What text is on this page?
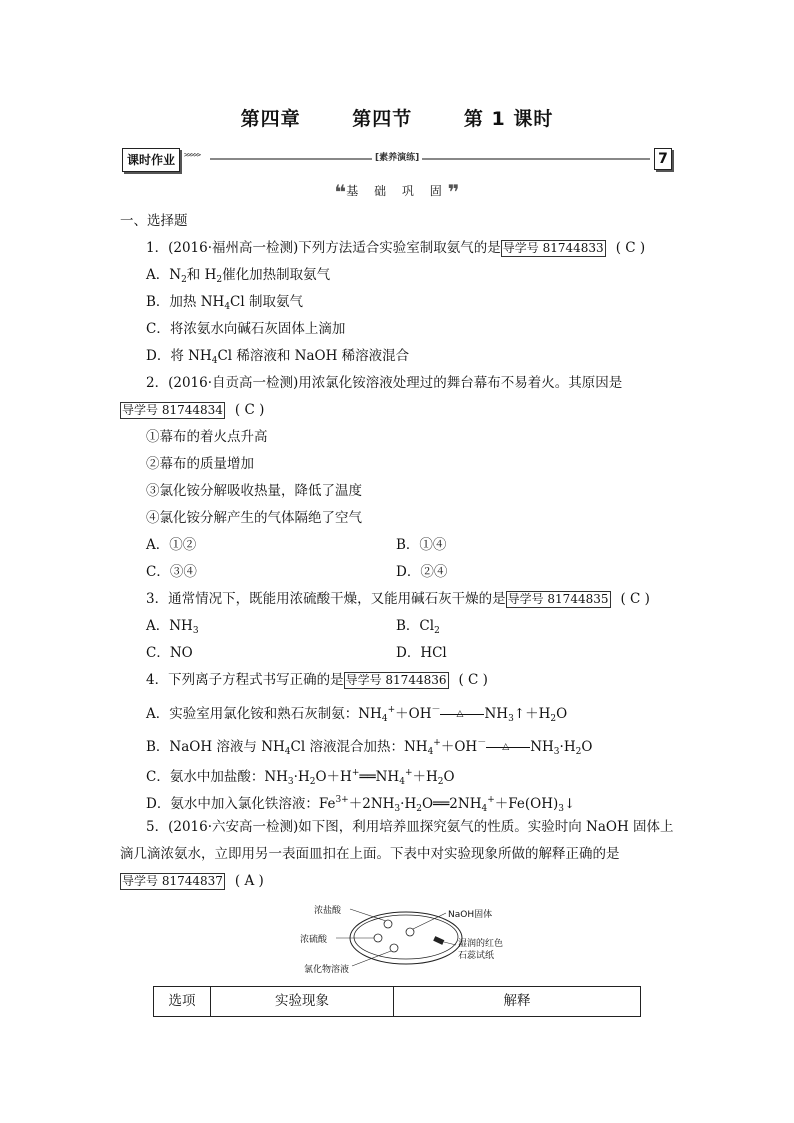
第四章	第四节	第 1 课时
课时作业	>>>>>	[素养演练]	7
❝基 础 巩 固❞
一、选择题
1．(2016·福州高一检测)下列方法适合实验室制取氨气的是 导学号 81744833 ( C )
A．$N_2$和 $H_2$催化加热制取氨气
B．加热 $NH_4Cl$ 制取氨气
C．将浓氨水向碱石灰固体上滴加
D．将 $NH_4Cl$ 稀溶液和 NaOH 稀溶液混合
2．(2016·自贡高一检测)用浓氯化铵溶液处理过的舞台幕布不易着火。其原因是
导学号 81744834 ( C )
①幕布的着火点升高
②幕布的质量增加
③氯化铵分解吸收热量，降低了温度
④氯化铵分解产生的气体隔绝了空气
A．①②	B．①④
C．③④	D．②④
3．通常情况下，既能用浓硫酸干燥，又能用碱石灰干燥的是 导学号 81744835 ( C )
A．$NH_3$	B．$Cl_2$
C．NO	D．HCl
4．下列离子方程式书写正确的是 导学号 81744836 ( C )
A．实验室用氯化铵和熟石灰制氨：$NH_4^++OH^-$	$NH_3↑+H_2O$
B．NaOH 溶液与 $NH_4Cl$ 溶液混合加热：$NH_4^++OH^-$	$NH_3\cdot H_2O$
C．氨水中加盐酸：$NH_3\cdot H_2O+H^+══NH_4^++H_2O$
D．氨水中加入氯化铁溶液：$Fe^{3+}+2NH_3\cdot H_2O══2NH_4^++Fe(OH)_3↓$
5．(2016·六安高一检测)如下图，利用培养皿探究氨气的性质。实验时向 NaOH 固体上
滴几滴浓氨水，立即用另一表面皿扣在上面。下表中对实验现象所做的解释正确的是
导学号 81744837 ( A )
浓盐酸
浓硫酸
氯化物溶液
NaOH固体
湿润的红色
石蕊试纸
选项	实验现象	解释
